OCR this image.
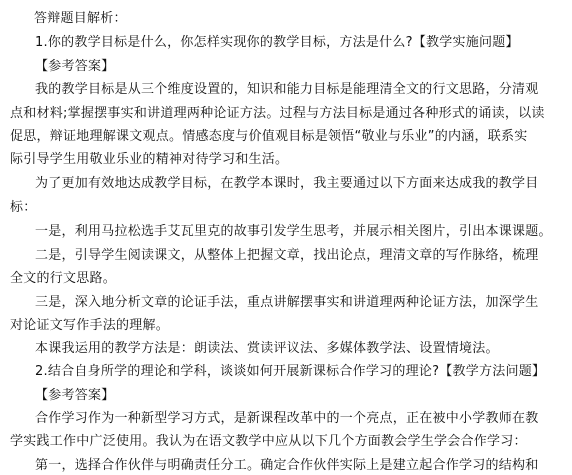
答辩题目解析：
1.你的教学目标是什么，你怎样实现你的教学目标，方法是什么?【教学实施问题】
【参考答案】
我的教学目标是从三个维度设置的，知识和能力目标是能理清全文的行文思路，分清观
点和材料;掌握摆事实和讲道理两种论证方法。过程与方法目标是通过各种形式的诵读，以读
促思，辩证地理解课文观点。情感态度与价值观目标是领悟“敬业与乐业”的内涵，联系实
际引导学生用敬业乐业的精神对待学习和生活。
为了更加有效地达成教学目标，在教学本课时，我主要通过以下方面来达成我的教学目
标：
一是，利用马拉松选手艾瓦里克的故事引发学生思考，并展示相关图片，引出本课课题。
二是，引导学生阅读课文，从整体上把握文章，找出论点，理清文章的写作脉络，梳理
全文的行文思路。
三是，深入地分析文章的论证手法，重点讲解摆事实和讲道理两种论证方法，加深学生
对论证文写作手法的理解。
本课我运用的教学方法是：朗读法、赏读评议法、多媒体教学法、设置情境法。
2.结合自身所学的理论和学科，谈谈如何开展新课标合作学习的理论?【教学方法问题】
【参考答案】
合作学习作为一种新型学习方式，是新课程改革中的一个亮点，正在被中小学教师在教
学实践工作中广泛使用。我认为在语文教学中应从以下几个方面教会学生学会合作学习：
第一，选择合作伙伴与明确责任分工。确定合作伙伴实际上是建立起合作学习的结构和
